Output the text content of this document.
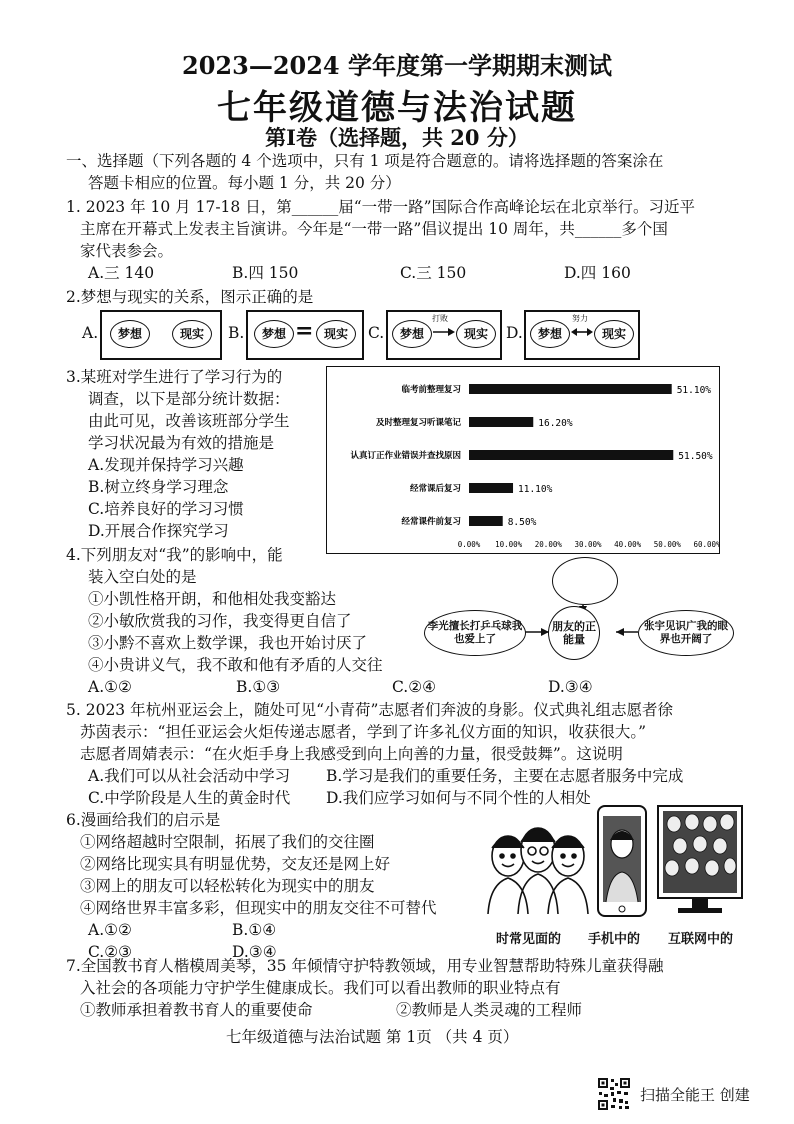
2023—2024 学年度第一学期期末测试
七年级道德与法治试题
第Ⅰ卷（选择题，共 20 分）
一、选择题（下列各题的 4 个选项中，只有 1 项是符合题意的。请将选择题的答案涂在
答题卡相应的位置。每小题 1 分，共 20 分）
1. 2023 年 10 月 17-18 日，第______届“一带一路”国际合作高峰论坛在北京举行。习近平
主席在开幕式上发表主旨演讲。今年是“一带一路”倡议提出 10 周年，共______多个国
家代表参会。
A.三 140	B.四 150	C.三 150	D.四 160
2.梦想与现实的关系，图示正确的是
A.	梦想	现实	B.	梦想 = 现实	C.	梦想
打败
现实	D.	梦想
努力
现实
3.某班对学生进行了学习行为的
调查，以下是部分统计数据：
由此可见，改善该班部分学生
学习状况最为有效的措施是
A.发现并保持学习兴趣
B.树立终身学习理念
C.培养良好的学习习惯
D.开展合作探究学习
临考前整理复习	51.10%
及时整理复习听课笔记	16.20%
认真订正作业错误并查找原因	51.50%
经常课后复习	11.10%
经常课件前复习	8.50%
0.00% 10.00% 20.00% 30.00% 40.00% 50.00% 60.00%
4.下列朋友对“我”的影响中，能
装入空白处的是
①小凯性格开朗，和他相处我变豁达
②小敏欣赏我的习作，我变得更自信了
③小黔不喜欢上数学课，我也开始讨厌了
④小贵讲义气，我不敢和他有矛盾的人交往
A.①②	B.①③	C.②④	D.③④
朋友的正能量
李光擅长打乒乓球我也爱上了
张宇见识广我的眼界也开阔了
5. 2023 年杭州亚运会上，随处可见“小青荷”志愿者们奔波的身影。仪式典礼组志愿者徐
苏茵表示：“担任亚运会火炬传递志愿者，学到了许多礼仪方面的知识，收获很大。”
志愿者周婧表示：“在火炬手身上我感受到向上向善的力量，很受鼓舞”。这说明
A.我们可以从社会活动中学习 B.学习是我们的重要任务，主要在志愿者服务中完成
C.中学阶段是人生的黄金时代 D.我们应学习如何与不同个性的人相处
6.漫画给我们的启示是
①网络超越时空限制，拓展了我们的交往圈
②网络比现实具有明显优势，交友还是网上好
③网上的朋友可以轻松转化为现实中的朋友
④网络世界丰富多彩，但现实中的朋友交往不可替代
A.①②	B.①④
C.②③	D.③④
时常见面的 手机中的 互联网中的
7.全国教书育人楷模周美琴，35 年倾情守护特教领域，用专业智慧帮助特殊儿童获得融
入社会的各项能力守护学生健康成长。我们可以看出教师的职业特点有
①教师承担着教书育人的重要使命	②教师是人类灵魂的工程师
七年级道德与法治试题 第 1页 （共 4 页）
扫描全能王 创建
